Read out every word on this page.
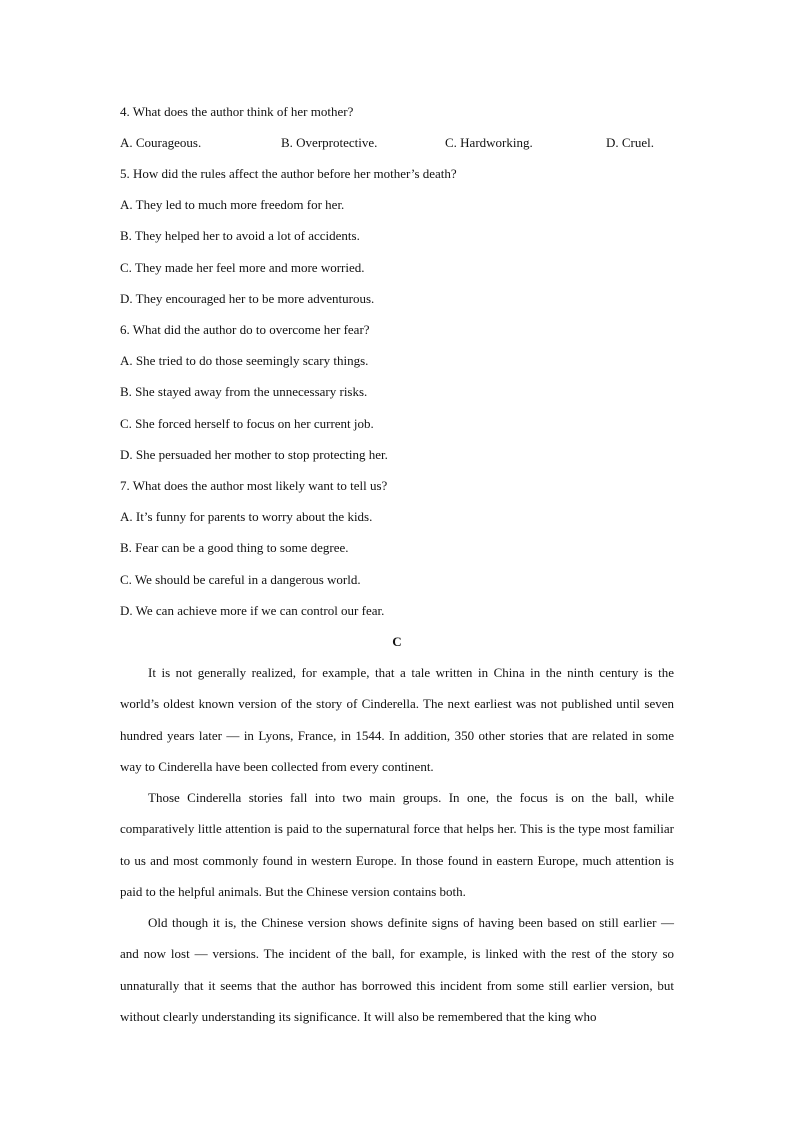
4. What does the author think of her mother?
A. Courageous.	B. Overprotective.	C. Hardworking.	D. Cruel.
5. How did the rules affect the author before her mother’s death?
A. They led to much more freedom for her.
B. They helped her to avoid a lot of accidents.
C. They made her feel more and more worried.
D. They encouraged her to be more adventurous.
6. What did the author do to overcome her fear?
A. She tried to do those seemingly scary things.
B. She stayed away from the unnecessary risks.
C. She forced herself to focus on her current job.
D. She persuaded her mother to stop protecting her.
7. What does the author most likely want to tell us?
A. It’s funny for parents to worry about the kids.
B. Fear can be a good thing to some degree.
C. We should be careful in a dangerous world.
D. We can achieve more if we can control our fear.
C

It is not generally realized, for example, that a tale written in China in the ninth century is the world’s oldest known version of the story of Cinderella. The next earliest was not published until seven hundred years later — in Lyons, France, in 1544. In addition, 350 other stories that are related in some way to Cinderella have been collected from every continent.

Those Cinderella stories fall into two main groups. In one, the focus is on the ball, while comparatively little attention is paid to the supernatural force that helps her. This is the type most familiar to us and most commonly found in western Europe. In those found in eastern Europe, much attention is paid to the helpful animals. But the Chinese version contains both.

Old though it is, the Chinese version shows definite signs of having been based on still earlier — and now lost — versions. The incident of the ball, for example, is linked with the rest of the story so unnaturally that it seems that the author has borrowed this incident from some still earlier version, but without clearly understanding its significance. It will also be remembered that the king who
